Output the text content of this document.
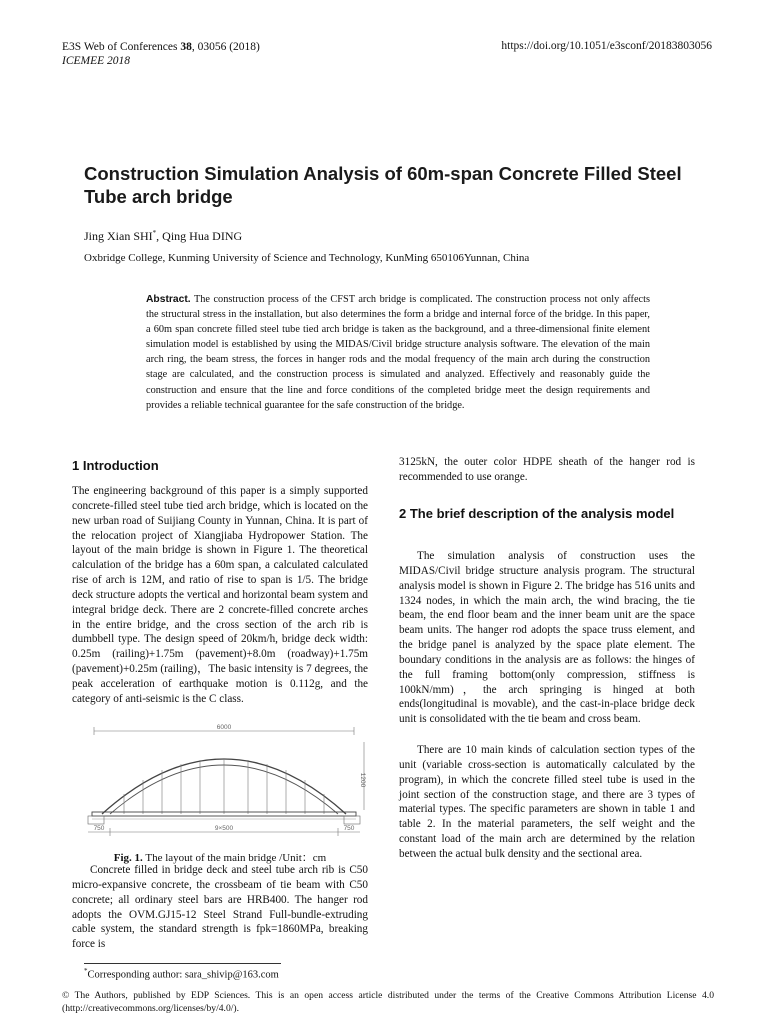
E3S Web of Conferences 38, 03056 (2018)
ICEMEE 2018
https://doi.org/10.1051/e3sconf/20183803056
Construction Simulation Analysis of 60m-span Concrete Filled Steel Tube arch bridge
Jing Xian SHI*, Qing Hua DING
Oxbridge College, Kunming University of Science and Technology, KunMing 650106Yunnan, China
Abstract. The construction process of the CFST arch bridge is complicated. The construction process not only affects the structural stress in the installation, but also determines the form a bridge and internal force of the bridge. In this paper, a 60m span concrete filled steel tube tied arch bridge is taken as the background, and a three-dimensional finite element simulation model is established by using the MIDAS/Civil bridge structure analysis software. The elevation of the main arch ring, the beam stress, the forces in hanger rods and the modal frequency of the main arch during the construction stage are calculated, and the construction process is simulated and analyzed. Effectively and reasonably guide the construction and ensure that the line and force conditions of the completed bridge meet the design requirements and provides a reliable technical guarantee for the safe construction of the bridge.
1 Introduction

The engineering background of this paper is a simply supported concrete-filled steel tube tied arch bridge, which is located on the new urban road of Suijiang County in Yunnan, China. It is part of the relocation project of Xiangjiaba Hydropower Station. The layout of the main bridge is shown in Figure 1. The theoretical calculation of the bridge has a 60m span, a calculated calculated rise of arch is 12M, and ratio of rise to span is 1/5. The bridge deck structure adopts the vertical and horizontal beam system and integral bridge deck. There are 2 concrete-filled concrete arches in the entire bridge, and the cross section of the arch rib is dumbbell type. The design speed of 20km/h, bridge deck width: 0.25m (railing)+1.75m (pavement)+8.0m (roadway)+1.75m (pavement)+0.25m (railing)，The basic intensity is 7 degrees, the peak acceleration of earthquake motion is 0.112g, and the category of anti-seismic is the C class.

6000
1200
750	9×500	750
Fig. 1. The layout of the main bridge /Unit：cm

Concrete filled in bridge deck and steel tube arch rib is C50 micro-expansive concrete, the crossbeam of tie beam with C50 concrete; all ordinary steel bars are HRB400. The hanger rod adopts the OVM.GJ15-12 Steel Strand Full-bundle-extruding cable system, the standard strength is fpk=1860MPa, breaking force is

3125kN, the outer color HDPE sheath of the hanger rod is recommended to use orange.

2 The brief description of the analysis model

The simulation analysis of construction uses the MIDAS/Civil bridge structure analysis program. The structural analysis model is shown in Figure 2. The bridge has 516 units and 1324 nodes, in which the main arch, the wind bracing, the tie beam, the end floor beam and the inner beam unit are the space beam units. The hanger rod adopts the space truss element, and the bridge panel is analyzed by the space plate element. The boundary conditions in the analysis are as follows: the hinges of the full framing bottom(only compression, stiffness is 100kN/mm)，the arch springing is hinged at both ends(longitudinal is movable), and the cast-in-place bridge deck unit is consolidated with the tie beam and cross beam.

There are 10 main kinds of calculation section types of the unit (variable cross-section is automatically calculated by the program), in which the concrete filled steel tube is used in the joint section of the construction stage, and there are 3 types of material types. The specific parameters are shown in table 1 and table 2. In the material parameters, the self weight and the constant load of the main arch are determined by the relation between the actual bulk density and the sectional area.

*Corresponding author: sara_shivip@163.com
© The Authors, published by EDP Sciences. This is an open access article distributed under the terms of the Creative Commons Attribution License 4.0 (http://creativecommons.org/licenses/by/4.0/).
